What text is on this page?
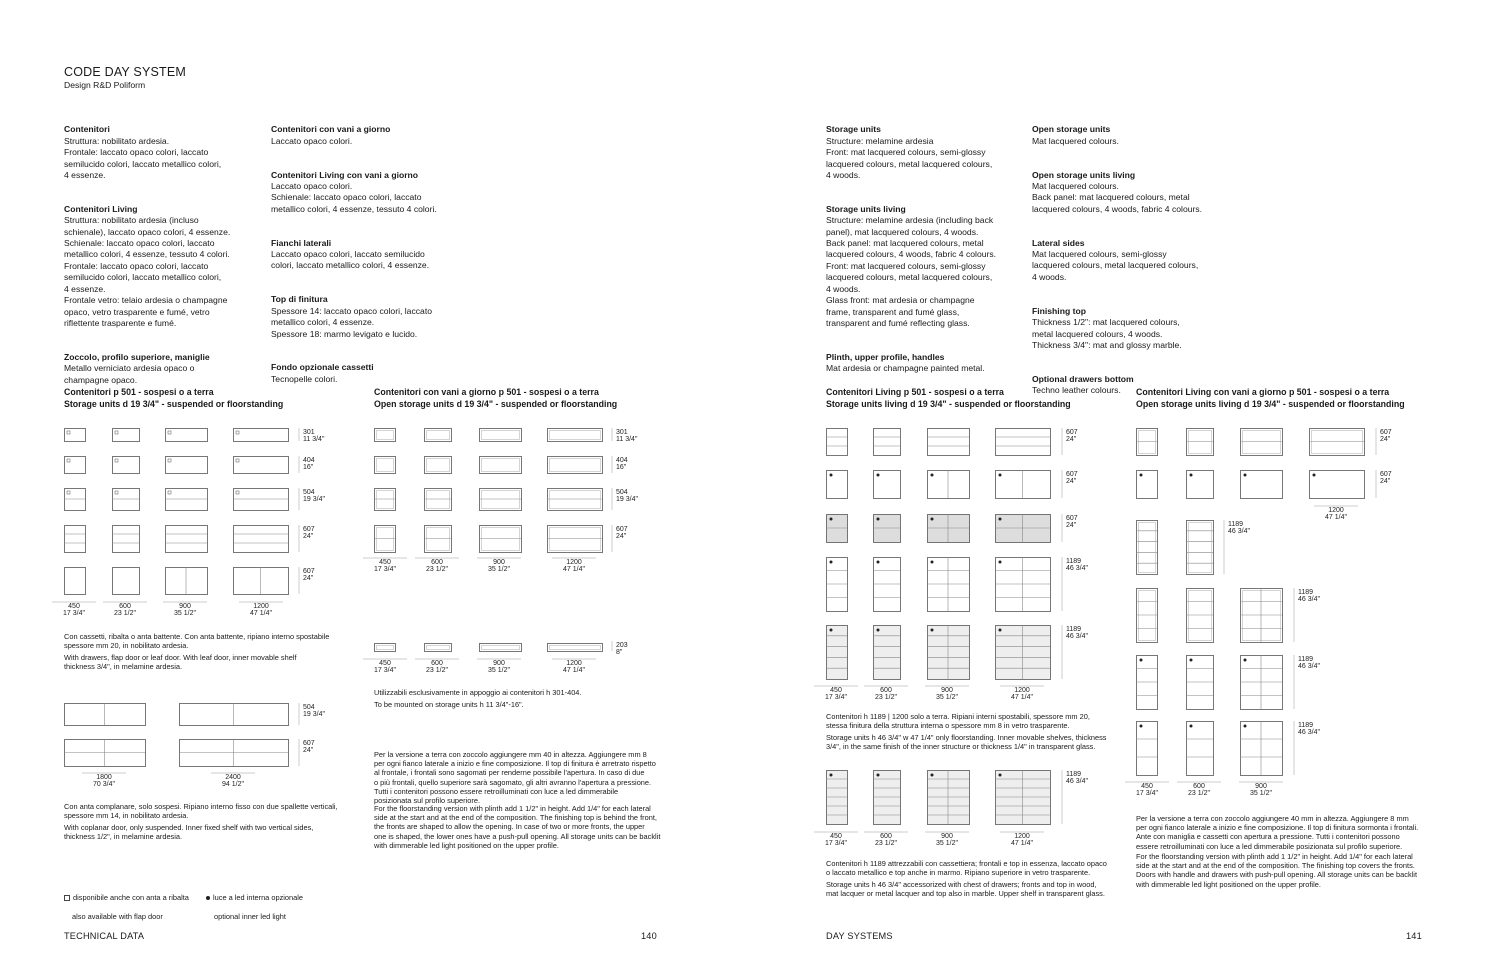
CODE DAY SYSTEM
Design R&D Poliform

Contenitori
Struttura: nobilitato ardesia.
Frontale: laccato opaco colori, laccato
semilucido colori, laccato metallico colori,
4 essenze.

Contenitori Living
Struttura: nobilitato ardesia (incluso
schienale), laccato opaco colori, 4 essenze.
Schienale: laccato opaco colori, laccato
metallico colori, 4 essenze, tessuto 4 colori.
Frontale: laccato opaco colori, laccato
semilucido colori, laccato metallico colori,
4 essenze.
Frontale vetro: telaio ardesia o champagne
opaco, vetro trasparente e fumé, vetro
riflettente trasparente e fumé.

Zoccolo, profilo superiore, maniglie
Metallo verniciato ardesia opaco o
champagne opaco.

Contenitori con vani a giorno
Laccato opaco colori.

Contenitori Living con vani a giorno
Laccato opaco colori.
Schienale: laccato opaco colori, laccato
metallico colori, 4 essenze, tessuto 4 colori.

Fianchi laterali
Laccato opaco colori, laccato semilucido
colori, laccato metallico colori, 4 essenze.

Top di finitura
Spessore 14: laccato opaco colori, laccato
metallico colori, 4 essenze.
Spessore 18: marmo levigato e lucido.

Fondo opzionale cassetti
Tecnopelle colori.

Storage units
Structure: melamine ardesia
Front: mat lacquered colours, semi-glossy
lacquered colours, metal lacquered colours,
4 woods.

Storage units living
Structure: melamine ardesia (including back
panel), mat lacquered colours, 4 woods.
Back panel: mat lacquered colours, metal
lacquered colours, 4 woods, fabric 4 colours.
Front: mat lacquered colours, semi-glossy
lacquered colours, metal lacquered colours,
4 woods.
Glass front: mat ardesia or champagne
frame, transparent and fumé glass,
transparent and fumé reflecting glass.

Plinth, upper profile, handles
Mat ardesia or champagne painted metal.

Open storage units
Mat lacquered colours.

Open storage units living
Mat lacquered colours.
Back panel: mat lacquered colours, metal
lacquered colours, 4 woods, fabric 4 colours.

Lateral sides
Mat lacquered colours, semi-glossy
lacquered colours, metal lacquered colours,
4 woods.

Finishing top
Thickness 1/2": mat lacquered colours,
metal lacquered colours, 4 woods.
Thickness 3/4": mat and glossy marble.

Optional drawers bottom
Techno leather colours.

Contenitori p 501 - sospesi o a terra
Storage units d 19 3/4" - suspended or floorstanding
Contenitori con vani a giorno p 501 - sospesi o a terra
Open storage units d 19 3/4" - suspended or floorstanding
Contenitori Living p 501 - sospesi o a terra
Storage units living d 19 3/4" - suspended or floorstanding
Contenitori Living con vani a giorno p 501 - sospesi o a terra
Open storage units living d 19 3/4" - suspended or floorstanding
Con cassetti, ribalta o anta battente. Con anta battente, ripiano interno spostabile
spessore mm 20, in nobilitato ardesia.
With drawers, flap door or leaf door. With leaf door, inner movable shelf
thickness 3/4", in melamine ardesia.
Con anta complanare, solo sospesi. Ripiano interno fisso con due spallette verticali,
spessore mm 14, in nobilitato ardesia.
With coplanar door, only suspended. Inner fixed shelf with two vertical sides,
thickness 1/2", in melamine ardesia.
Utilizzabili esclusivamente in appoggio ai contenitori h 301-404.
To be mounted on storage units h 11 3/4"-16".
Per la versione a terra con zoccolo aggiungere mm 40 in altezza. Aggiungere mm 8
per ogni fianco laterale a inizio e fine composizione. Il top di finitura è arretrato rispetto
al frontale, i frontali sono sagomati per renderne possibile l'apertura. In caso di due
o più frontali, quello superiore sarà sagomato, gli altri avranno l'apertura a pressione.
Tutti i contenitori possono essere retroilluminati con luce a led dimmerabile
posizionata sul profilo superiore.
For the floorstanding version with plinth add 1 1/2" in height. Add 1/4" for each lateral
side at the start and at the end of the composition. The finishing top is behind the front,
the fronts are shaped to allow the opening. In case of two or more fronts, the upper
one is shaped, the lower ones have a push-pull opening. All storage units can be backlit
with dimmerable led light positioned on the upper profile.
Contenitori h 1189 | 1200 solo a terra. Ripiani interni spostabili, spessore mm 20,
stessa finitura della struttura interna o spessore mm 8 in vetro trasparente.
Storage units h 46 3/4" w 47 1/4" only floorstanding. Inner movable shelves, thickness
3/4", in the same finish of the inner structure or thickness 1/4" in transparent glass.
Contenitori h 1189 attrezzabili con cassettiera; frontali e top in essenza, laccato opaco
o laccato metallico e top anche in marmo. Ripiano superiore in vetro trasparente.
Storage units h 46 3/4" accessorized with chest of drawers; fronts and top in wood,
mat lacquer or metal lacquer and top also in marble. Upper shelf in transparent glass.
Per la versione a terra con zoccolo aggiungere 40 mm in altezza. Aggiungere 8 mm
per ogni fianco laterale a inizio e fine composizione. Il top di finitura sormonta i frontali.
Ante con maniglia e cassetti con apertura a pressione. Tutti i contenitori possono
essere retroilluminati con luce a led dimmerabile posizionata sul profilo superiore.
For the floorstanding version with plinth add 1 1/2" in height. Add 1/4" for each lateral
side at the start and at the end of the composition. The finishing top covers the fronts.
Doors with handle and drawers with push-pull opening. All storage units can be backlit
with dimmerable led light positioned on the upper profile.

disponibile anche con anta a ribalta

also available with flap door

luce a led interna opzionale

optional inner led light

TECHNICAL DATA	140	DAY SYSTEMS	141
301 11 3/4"
404 16"
504 19 3/4"
607 24"
607 24"
450 17 3/4"
600 23 1/2"
900 35 1/2"
1200 47 1/4"
504 19 3/4"
607 24"
1800 70 3/4"
2400 94 1/2"
301 11 3/4"
404 16"
504 19 3/4"
607 24"
450 17 3/4"
600 23 1/2"
900 35 1/2"
1200 47 1/4"
203 8"
450 17 3/4"
600 23 1/2"
900 35 1/2"
1200 47 1/4"
607 24"
607 24"
607 24"
1189 46 3/4"
1189 46 3/4"
450 17 3/4"
600 23 1/2"
900 35 1/2"
1200 47 1/4"
1189 46 3/4"
450 17 3/4"
600 23 1/2"
900 35 1/2"
1200 47 1/4"
607 24"
607 24"
1200 47 1/4"
1189 46 3/4"
1189 46 3/4"
1189 46 3/4"
1189 46 3/4"
450 17 3/4"
600 23 1/2"
900 35 1/2"
